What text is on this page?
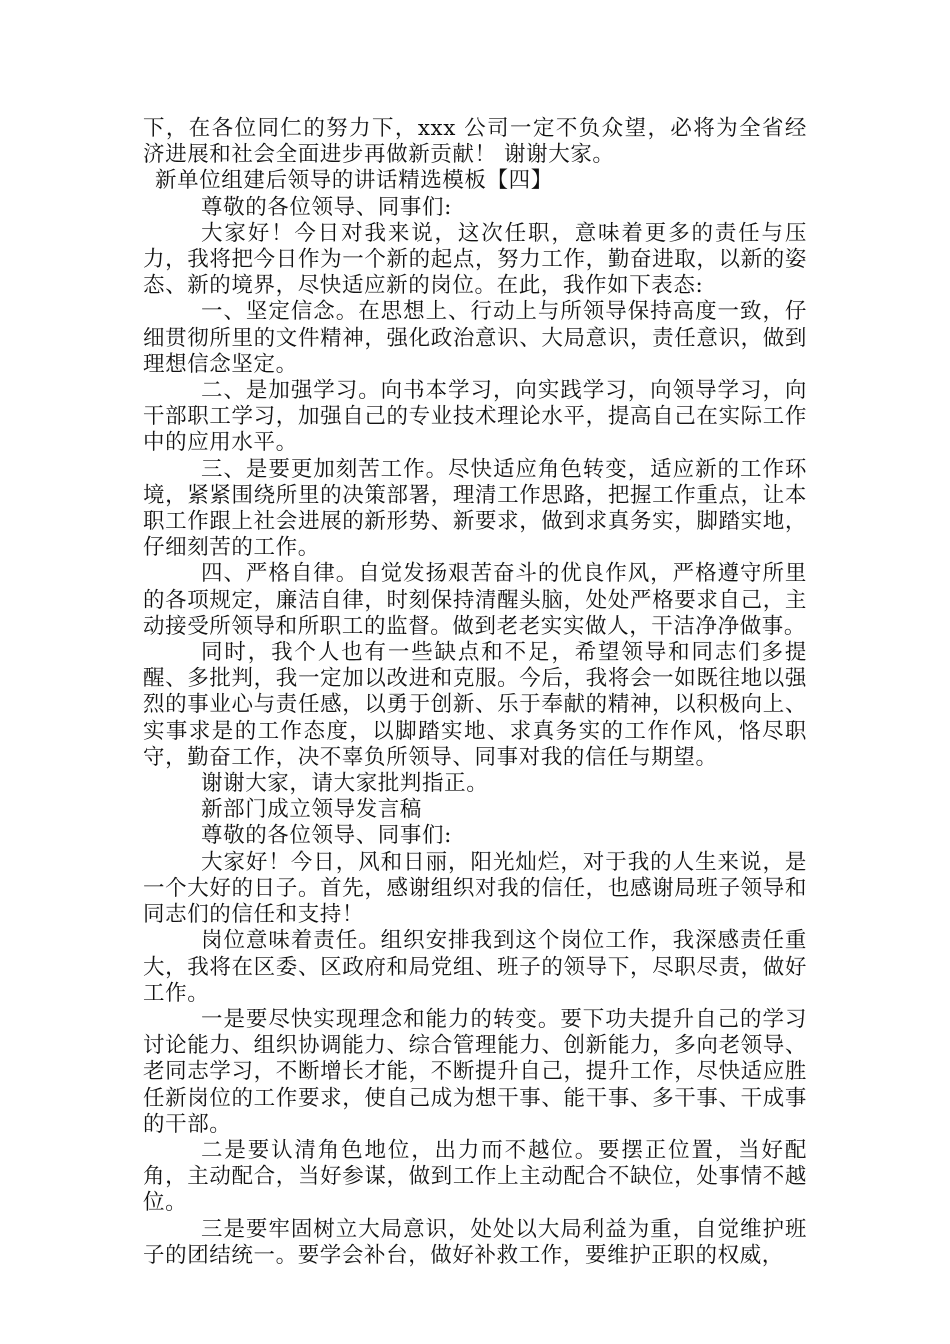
下，在各位同仁的努力下，xxx 公司一定不负众望，必将为全省经济进展和社会全面进步再做新贡献！ 谢谢大家。

新单位组建后领导的讲话精选模板【四】

尊敬的各位领导、同事们:

大家好！今日对我来说，这次任职，意味着更多的责任与压力，我将把今日作为一个新的起点，努力工作，勤奋进取，以新的姿态、新的境界，尽快适应新的岗位。在此，我作如下表态:

一、坚定信念。在思想上、行动上与所领导保持高度一致，仔细贯彻所里的文件精神，强化政治意识、大局意识，责任意识，做到理想信念坚定。

二、是加强学习。向书本学习，向实践学习，向领导学习，向干部职工学习，加强自己的专业技术理论水平，提高自己在实际工作中的应用水平。

三、是要更加刻苦工作。尽快适应角色转变，适应新的工作环境，紧紧围绕所里的决策部署，理清工作思路，把握工作重点，让本职工作跟上社会进展的新形势、新要求，做到求真务实，脚踏实地，仔细刻苦的工作。

四、严格自律。自觉发扬艰苦奋斗的优良作风，严格遵守所里的各项规定，廉洁自律，时刻保持清醒头脑，处处严格要求自己，主动接受所领导和所职工的监督。做到老老实实做人，干洁净净做事。

同时，我个人也有一些缺点和不足，希望领导和同志们多提醒、多批判，我一定加以改进和克服。今后，我将会一如既往地以强烈的事业心与责任感，以勇于创新、乐于奉献的精神，以积极向上、实事求是的工作态度，以脚踏实地、求真务实的工作作风，恪尽职守，勤奋工作，决不辜负所领导、同事对我的信任与期望。

谢谢大家，请大家批判指正。

新部门成立领导发言稿

尊敬的各位领导、同事们:

大家好！今日，风和日丽，阳光灿烂，对于我的人生来说，是一个大好的日子。首先，感谢组织对我的信任，也感谢局班子领导和同志们的信任和支持！

岗位意味着责任。组织安排我到这个岗位工作，我深感责任重大，我将在区委、区政府和局党组、班子的领导下，尽职尽责，做好工作。

一是要尽快实现理念和能力的转变。要下功夫提升自己的学习讨论能力、组织协调能力、综合管理能力、创新能力，多向老领导、老同志学习，不断增长才能，不断提升自己，提升工作，尽快适应胜任新岗位的工作要求，使自己成为想干事、能干事、多干事、干成事的干部。

二是要认清角色地位，出力而不越位。要摆正位置，当好配角，主动配合，当好参谋，做到工作上主动配合不缺位，处事情不越位。

三是要牢固树立大局意识，处处以大局利益为重，自觉维护班子的团结统一。要学会补台，做好补救工作，要维护正职的权威，
